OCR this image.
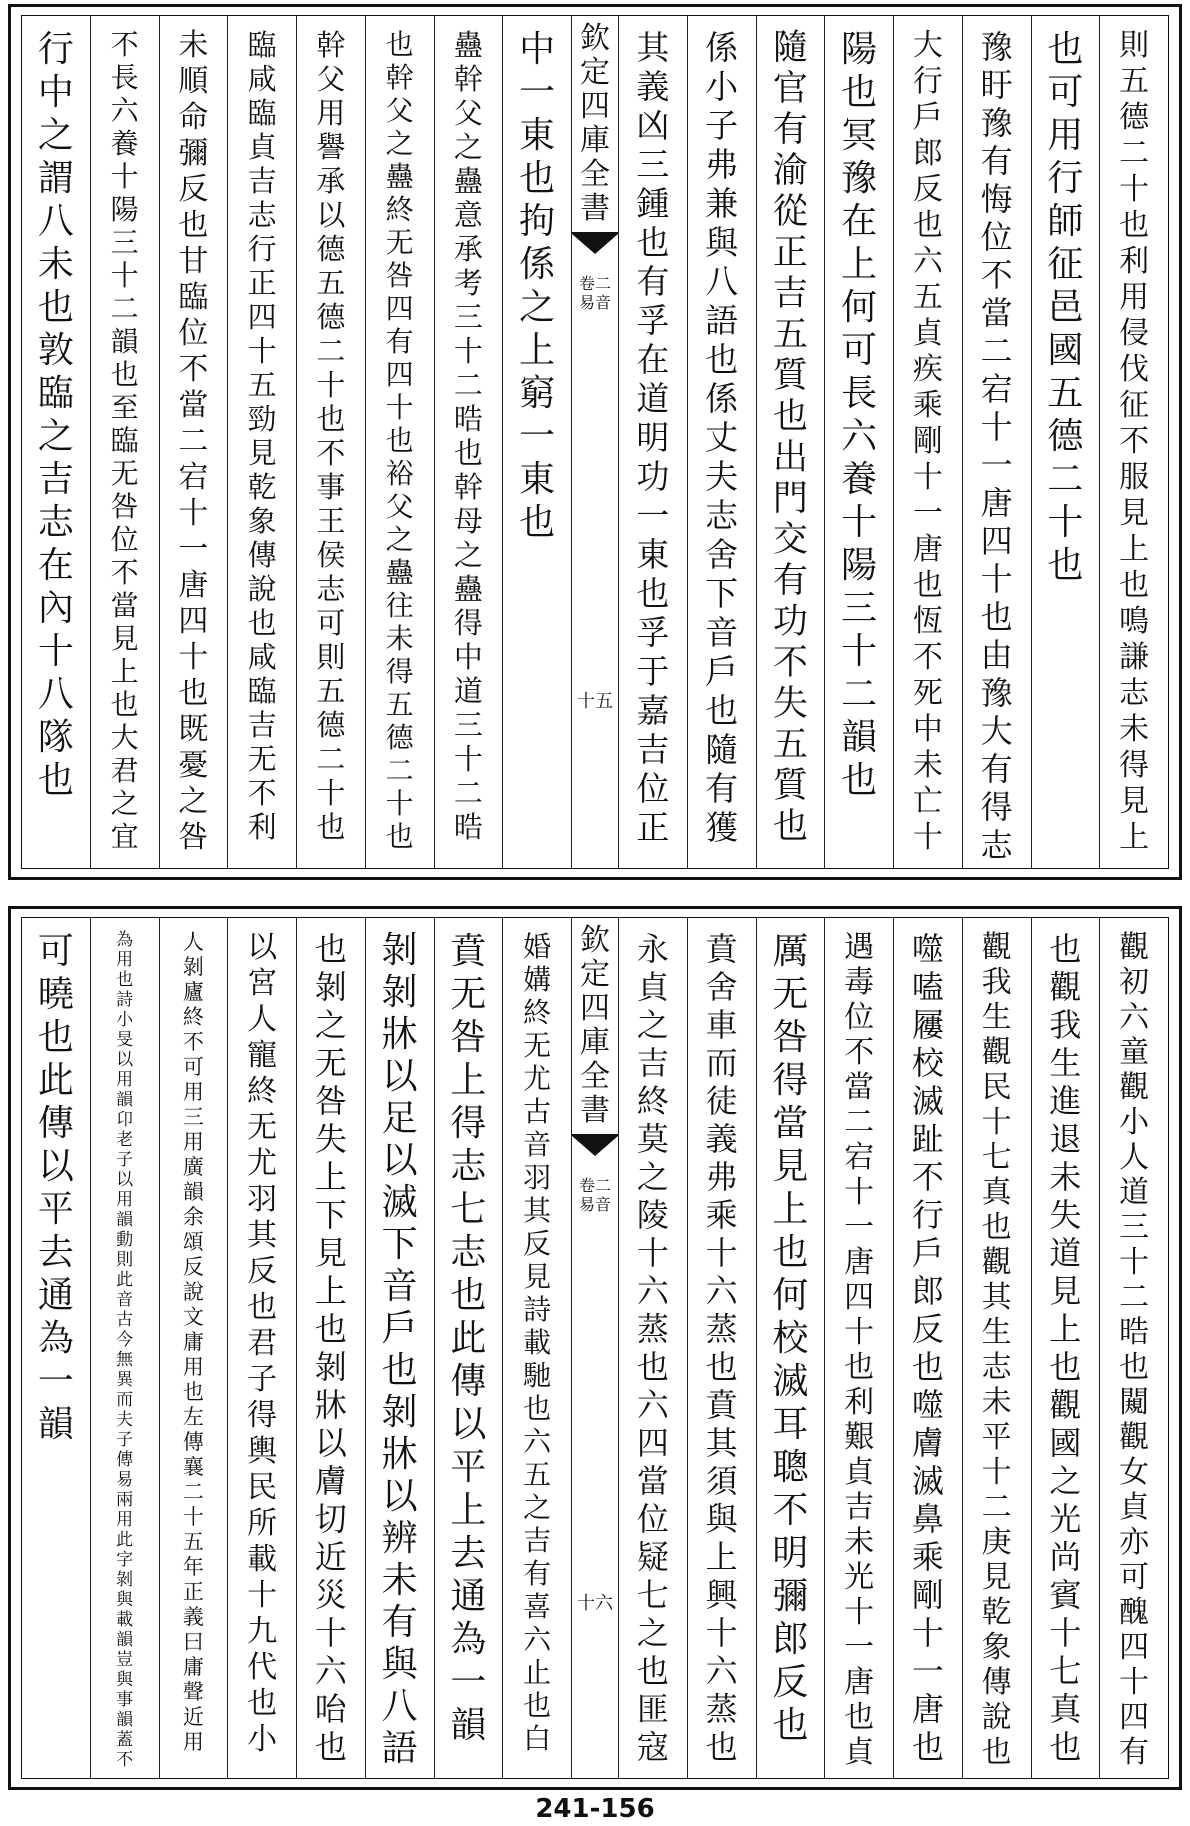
則
五
德
二
十
也
利
用
侵
伐
征
不
服
見
上
也
鳴
謙
志
未
得
見
上
也
可
用
行
師
征
邑
國
五
德
二
十
也
豫
盱
豫
有
悔
位
不
當
二
宕
十
一
唐
四
十
也
由
豫
大
有
得
志
大
行
戶
郎
反
也
六
五
貞
疾
乘
剛
十
一
唐
也
恆
不
死
中
未
亡
十
陽
也
冥
豫
在
上
何
可
長
六
養
十
陽
三
十
二
韻
也
隨
官
有
渝
從
正
吉
五
質
也
出
門
交
有
功
不
失
五
質
也
係
小
子
弗
兼
與
八
語
也
係
丈
夫
志
舍
下
音
戶
也
隨
有
獲
其
義
凶
三
鍾
也
有
孚
在
道
明
功
一
東
也
孚
于
嘉
吉
位
正
欽定四庫全書
卷二易音
十五
中
一
東
也
拘
係
之
上
窮
一
東
也
蠱
幹
父
之
蠱
意
承
考
三
十
二
晧
也
幹
母
之
蠱
得
中
道
三
十
二
晧
也
幹
父
之
蠱
終
无
咎
四
有
四
十
也
裕
父
之
蠱
往
未
得
五
德
二
十
也
幹
父
用
譽
承
以
德
五
德
二
十
也
不
事
王
侯
志
可
則
五
德
二
十
也
臨
咸
臨
貞
吉
志
行
正
四
十
五
勁
見
乾
象
傳
說
也
咸
臨
吉
无
不
利
未
順
命
彌
反
也
甘
臨
位
不
當
二
宕
十
一
唐
四
十
也
既
憂
之
咎
不
長
六
養
十
陽
三
十
二
韻
也
至
臨
无
咎
位
不
當
見
上
也
大
君
之
宜
行
中
之
謂
八
未
也
敦
臨
之
吉
志
在
內
十
八
隊
也
觀
初
六
童
觀
小
人
道
三
十
二
晧
也
闚
觀
女
貞
亦
可
醜
四
十
四
有
也
觀
我
生
進
退
未
失
道
見
上
也
觀
國
之
光
尚
賓
十
七
真
也
觀
我
生
觀
民
十
七
真
也
觀
其
生
志
未
平
十
二
庚
見
乾
象
傳
說
也
噬
嗑
屨
校
滅
趾
不
行
戶
郎
反
也
噬
膚
滅
鼻
乘
剛
十
一
唐
也
遇
毒
位
不
當
二
宕
十
一
唐
四
十
也
利
艱
貞
吉
未
光
十
一
唐
也
貞
厲
无
咎
得
當
見
上
也
何
校
滅
耳
聰
不
明
彌
郎
反
也
賁
舍
車
而
徒
義
弗
乘
十
六
蒸
也
賁
其
須
與
上
興
十
六
蒸
也
永
貞
之
吉
終
莫
之
陵
十
六
蒸
也
六
四
當
位
疑
七
之
也
匪
寇
欽定四庫全書
卷二易音
十六
婚
媾
終
无
尤
古
音
羽
其
反
見
詩
載
馳
也
六
五
之
吉
有
喜
六
止
也
白
賁
无
咎
上
得
志
七
志
也
此
傳
以
平
上
去
通
為
一
韻
剝
剝
牀
以
足
以
滅
下
音
戶
也
剝
牀
以
辨
未
有
與
八
語
也
剝
之
无
咎
失
上
下
見
上
也
剝
牀
以
膚
切
近
災
十
六
咍
也
以
宮
人
寵
終
无
尤
羽
其
反
也
君
子
得
輿
民
所
載
十
九
代
也
小
人
剝
廬
終
不
可
用
三
用
廣
韻
余
頌
反
說
文
庸
用
也
左
傳
襄
二
十
五
年
正
義
曰
庸
聲
近
用
為
用
也
詩
小
旻
以
用
韻
卬
老
子
以
用
韻
動
則
此
音
古
今
無
異
而
夫
子
傳
易
兩
用
此
字
剝
與
載
韻
豈
與
事
韻
蓋
不
可
曉
也
此
傳
以
平
去
通
為
一
韻
241-156
